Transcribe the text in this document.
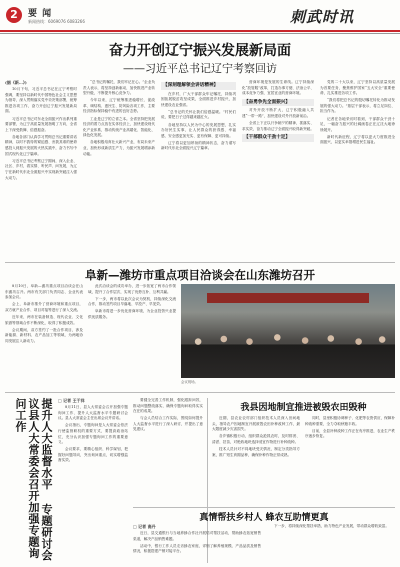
2	要 闻
新闻热线：6069076 6083266	刺武时讯
奋力开创辽宁振兴发展新局面
——习近平总书记辽宁考察回访

(据《新…》)

10月下旬，习近平总书记在辽宁考察时强调，要坚持以新时代中国特色社会主义思想为指导，深入贯彻落实党中央决策部署，统筹推进各项工作，奋力开创辽宁振兴发展新局面。

习近平总书记对东北全面振兴作出系列重要部署，为辽宁高质量发展指明了方向，全省上下深受鼓舞、倍感振奋。

各地各部门认真学习贯彻总书记重要讲话精神，以时不我待的紧迫感、舍我其谁的使命感投入到振兴发展的火热实践中，奋力书写中国式现代化辽宁篇章。

习近平总书记考察辽宁期间，深入企业、社区、乡村，看实情、听民声、问发展，为辽宁在新时代东北全面振兴中实现新突破注入强大动力。

“总书记的嘱托，我们牢记在心。”企业负责人表示，将坚持创新驱动，加快推进产业转型升级，不断提升核心竞争力。

今年以来，辽宁统筹推进稳增长、促改革、调结构、惠民生、防风险各项工作，主要经济指标保持稳中有进的良好态势。

工业是辽宁的立省之本。全省坚持把发展经济的着力点放在实体经济上，加快建设现代化产业体系，推动传统产业高端化、智能化、绿色化发展。

各地积极培育壮大新兴产业，布局未来产业，加快形成新质生产力，为振兴发展增添新动能。

【深刻理解领会讲话精神】

在乡村，广大干部群众牢记嘱托，持续巩固拓展脱贫攻坚成果，全面推进乡村振兴，加快建设农业强省。

“总书记的关怀让我们倍感温暖。”村民们说，要把日子过得越来越红火。

各地坚持以人民为中心的发展思想，扎实办好民生实事，让人民群众的获得感、幸福感、安全感更加充实、更有保障、更可持续。

辽宁将以更加昂扬的精神状态，奋力谱写新时代东北全面振兴辽宁篇章。

营商环境是发展的生命线。辽宁持续深化“放管服”改革，打造办事方便、法治公平、成本竞争力强、宜居宜业的营商环境。

【奋勇争先全面振兴】

对外开放不断扩大，辽宁积极融入共建“一带一路”，加快建设对外开放新前沿。

全省上下正以只争朝夕的精神，抓落实、求实效，奋力推动辽宁全面振兴取得新突破。

【干部群众干劲十足】

党的二十大以来，辽宁坚持以高质量发展为首要任务，聚焦维护国家“五大安全”重要使命，扎实推进各项工作。

“我们将把总书记的殷切嘱托转化为推动发展的强大动力。”基层干部表示，将立足岗位、担当作为。

记者在各地采访时看到，干部群众干劲十足，一幅奋力振兴的壮阔画卷正在辽沈大地徐徐展开。

新时代新征程，辽宁将以更大力度推进全面振兴，以更实举措增进民生福祉。

阜新—潍坊市重点项目洽谈会在山东潍坊召开

8月10日，阜新—潍坊重点项目洽谈会在山东潍坊召开。两市有关部门负责同志、企业代表参加会议。

会上，阜新市推介了营商环境和重点项目，双方就产业合作、项目对接等进行了深入交流。

近年来，两市在装备制造、现代农业、文化旅游等领域合作不断深化，取得了积极成效。

会议期间，双方签约了一批合作项目，涉及新能源、新材料、农产品加工等领域，为两地协同发展注入新动力。

此次洽谈会的成功举办，进一步拓宽了两市合作领域，提升了合作层次，实现了优势互补、互利共赢。

下一步，两市将以此次会议为契机，持续深化交流合作，推动签约项目早落地、早投产、早见效。

阜新市将进一步优化营商环境，为企业投资兴业提供优质服务。

会议现场。
提升人大监督水平 专题研讨会议县人大常委会召开加强专题询问工作	□ 记者 王于祥

8月11日，县人大常委会召开加强专题询问工作、提升人大监督水平专题研讨会议。县人大常委会主任出席会议并讲话。

会议指出，专题询问是人大常委会依法行使监督职权的重要方式，要提高政治站位，充分认识加强专题询问工作的重要意义。

会议要求，要精心组织、科学谋划，把握好问题导向，突出询问重点，切实增强监督实效。

要健全完善工作机制，强化跟踪问效，推动问题整改落实，确保专题询问取得实实在在的成果。

与会人员结合工作实际，围绕如何提升人大监督水平进行了深入研讨，并提出了意见建议。

我县因地制宜推进被毁农田毁种

近期，县农业农村部门组织技术人员深入田间地头，指导农户因地制宜开展被毁农田补种改种工作，最大限度减少灾害损失。

各乡镇积极行动，组织群众抢抓农时，及时排涝、清淤、扶苗，对绝收地块选择适宜作物进行补种改种。

技术人员针对不同地块受灾情况，制定分类指导方案，推广短生育期品种，确保补种作物正常成熟。

同时，县里积极协调种子、化肥等农资供应，保障补种改种需要，全力夺取秋粮丰收。

目前，全县补种改种工作正在有序推进，农业生产秩序逐步恢复。

真情帮扶乡村人 蜂农互助情更真

□ 记者 高丹

近日，县交通银行与当地养蜂合作社开展结对帮扶活动，帮助蜂农拓宽销售渠道，解决产品销售难题。

活动中，银行工作人员走访蜂农家庭，详细了解养殖规模、产品品质及销售情况，积极搭建产销对接平台。

下一步，将持续深化帮扶举措，助力特色产业发展，带动群众增收致富。
